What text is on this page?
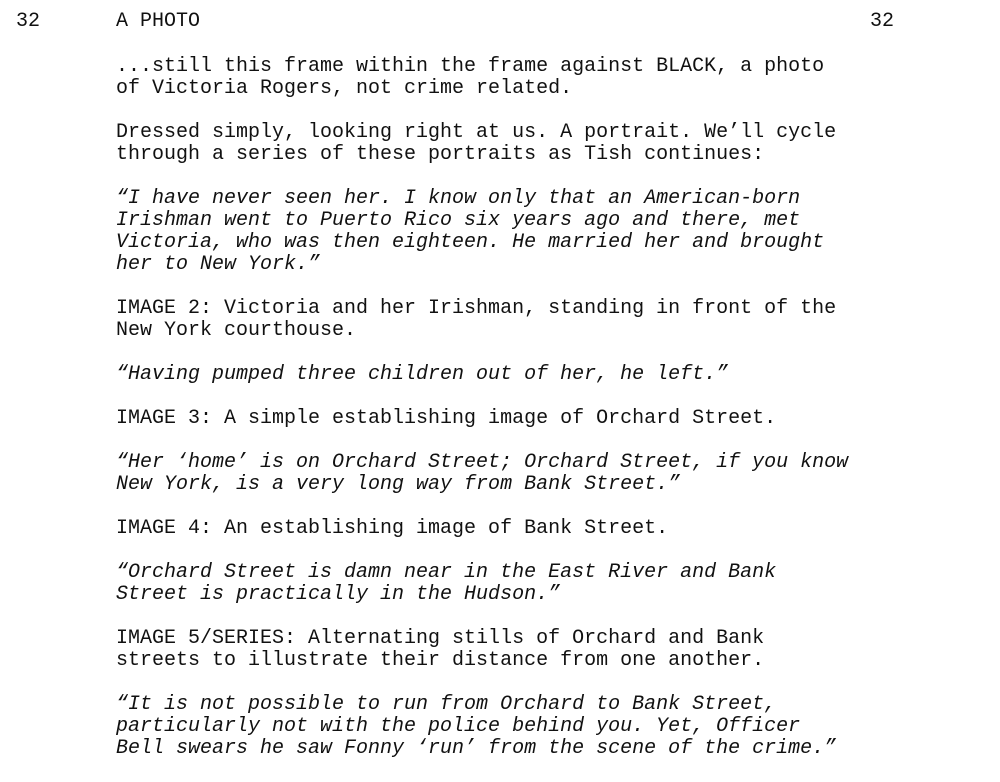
32	A PHOTO	32

...still this frame within the frame against BLACK, a photo
of Victoria Rogers, not crime related.

Dressed simply, looking right at us. A portrait. We’ll cycle
through a series of these portraits as Tish continues:

“I have never seen her. I know only that an American-born
Irishman went to Puerto Rico six years ago and there, met
Victoria, who was then eighteen. He married her and brought
her to New York.”

IMAGE 2: Victoria and her Irishman, standing in front of the
New York courthouse.

“Having pumped three children out of her, he left.”

IMAGE 3: A simple establishing image of Orchard Street.

“Her ‘home’ is on Orchard Street; Orchard Street, if you know
New York, is a very long way from Bank Street.”

IMAGE 4: An establishing image of Bank Street.

“Orchard Street is damn near in the East River and Bank
Street is practically in the Hudson.”

IMAGE 5/SERIES: Alternating stills of Orchard and Bank
streets to illustrate their distance from one another.

“It is not possible to run from Orchard to Bank Street,
particularly not with the police behind you. Yet, Officer
Bell swears he saw Fonny ‘run’ from the scene of the crime.”
